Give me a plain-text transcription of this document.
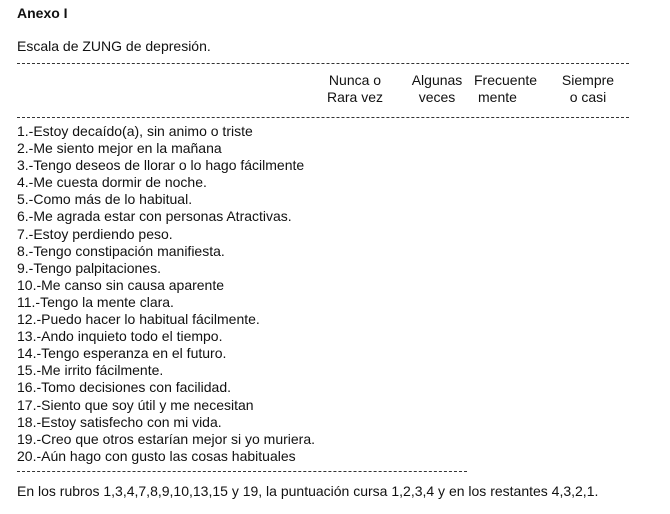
Anexo I
Escala de ZUNG de depresión.
Nunca o
Rara vez
Algunas
veces
Frecuente
mente
Siempre
o casi
1.-Estoy decaído(a), sin animo o triste
2.-Me siento mejor en la mañana
3.-Tengo deseos de llorar o lo hago fácilmente
4.-Me cuesta dormir de noche.
5.-Como más de lo habitual.
6.-Me agrada estar con personas Atractivas.
7.-Estoy perdiendo peso.
8.-Tengo constipación manifiesta.
9.-Tengo palpitaciones.
10.-Me canso sin causa aparente
11.-Tengo la mente clara.
12.-Puedo hacer lo habitual fácilmente.
13.-Ando inquieto todo el tiempo.
14.-Tengo esperanza en el futuro.
15.-Me irrito fácilmente.
16.-Tomo decisiones con facilidad.
17.-Siento que soy útil y me necesitan
18.-Estoy satisfecho con mi vida.
19.-Creo que otros estarían mejor si yo muriera.
20.-Aún hago con gusto las cosas habituales
En los rubros 1,3,4,7,8,9,10,13,15 y 19, la puntuación cursa 1,2,3,4 y en los restantes 4,3,2,1.
